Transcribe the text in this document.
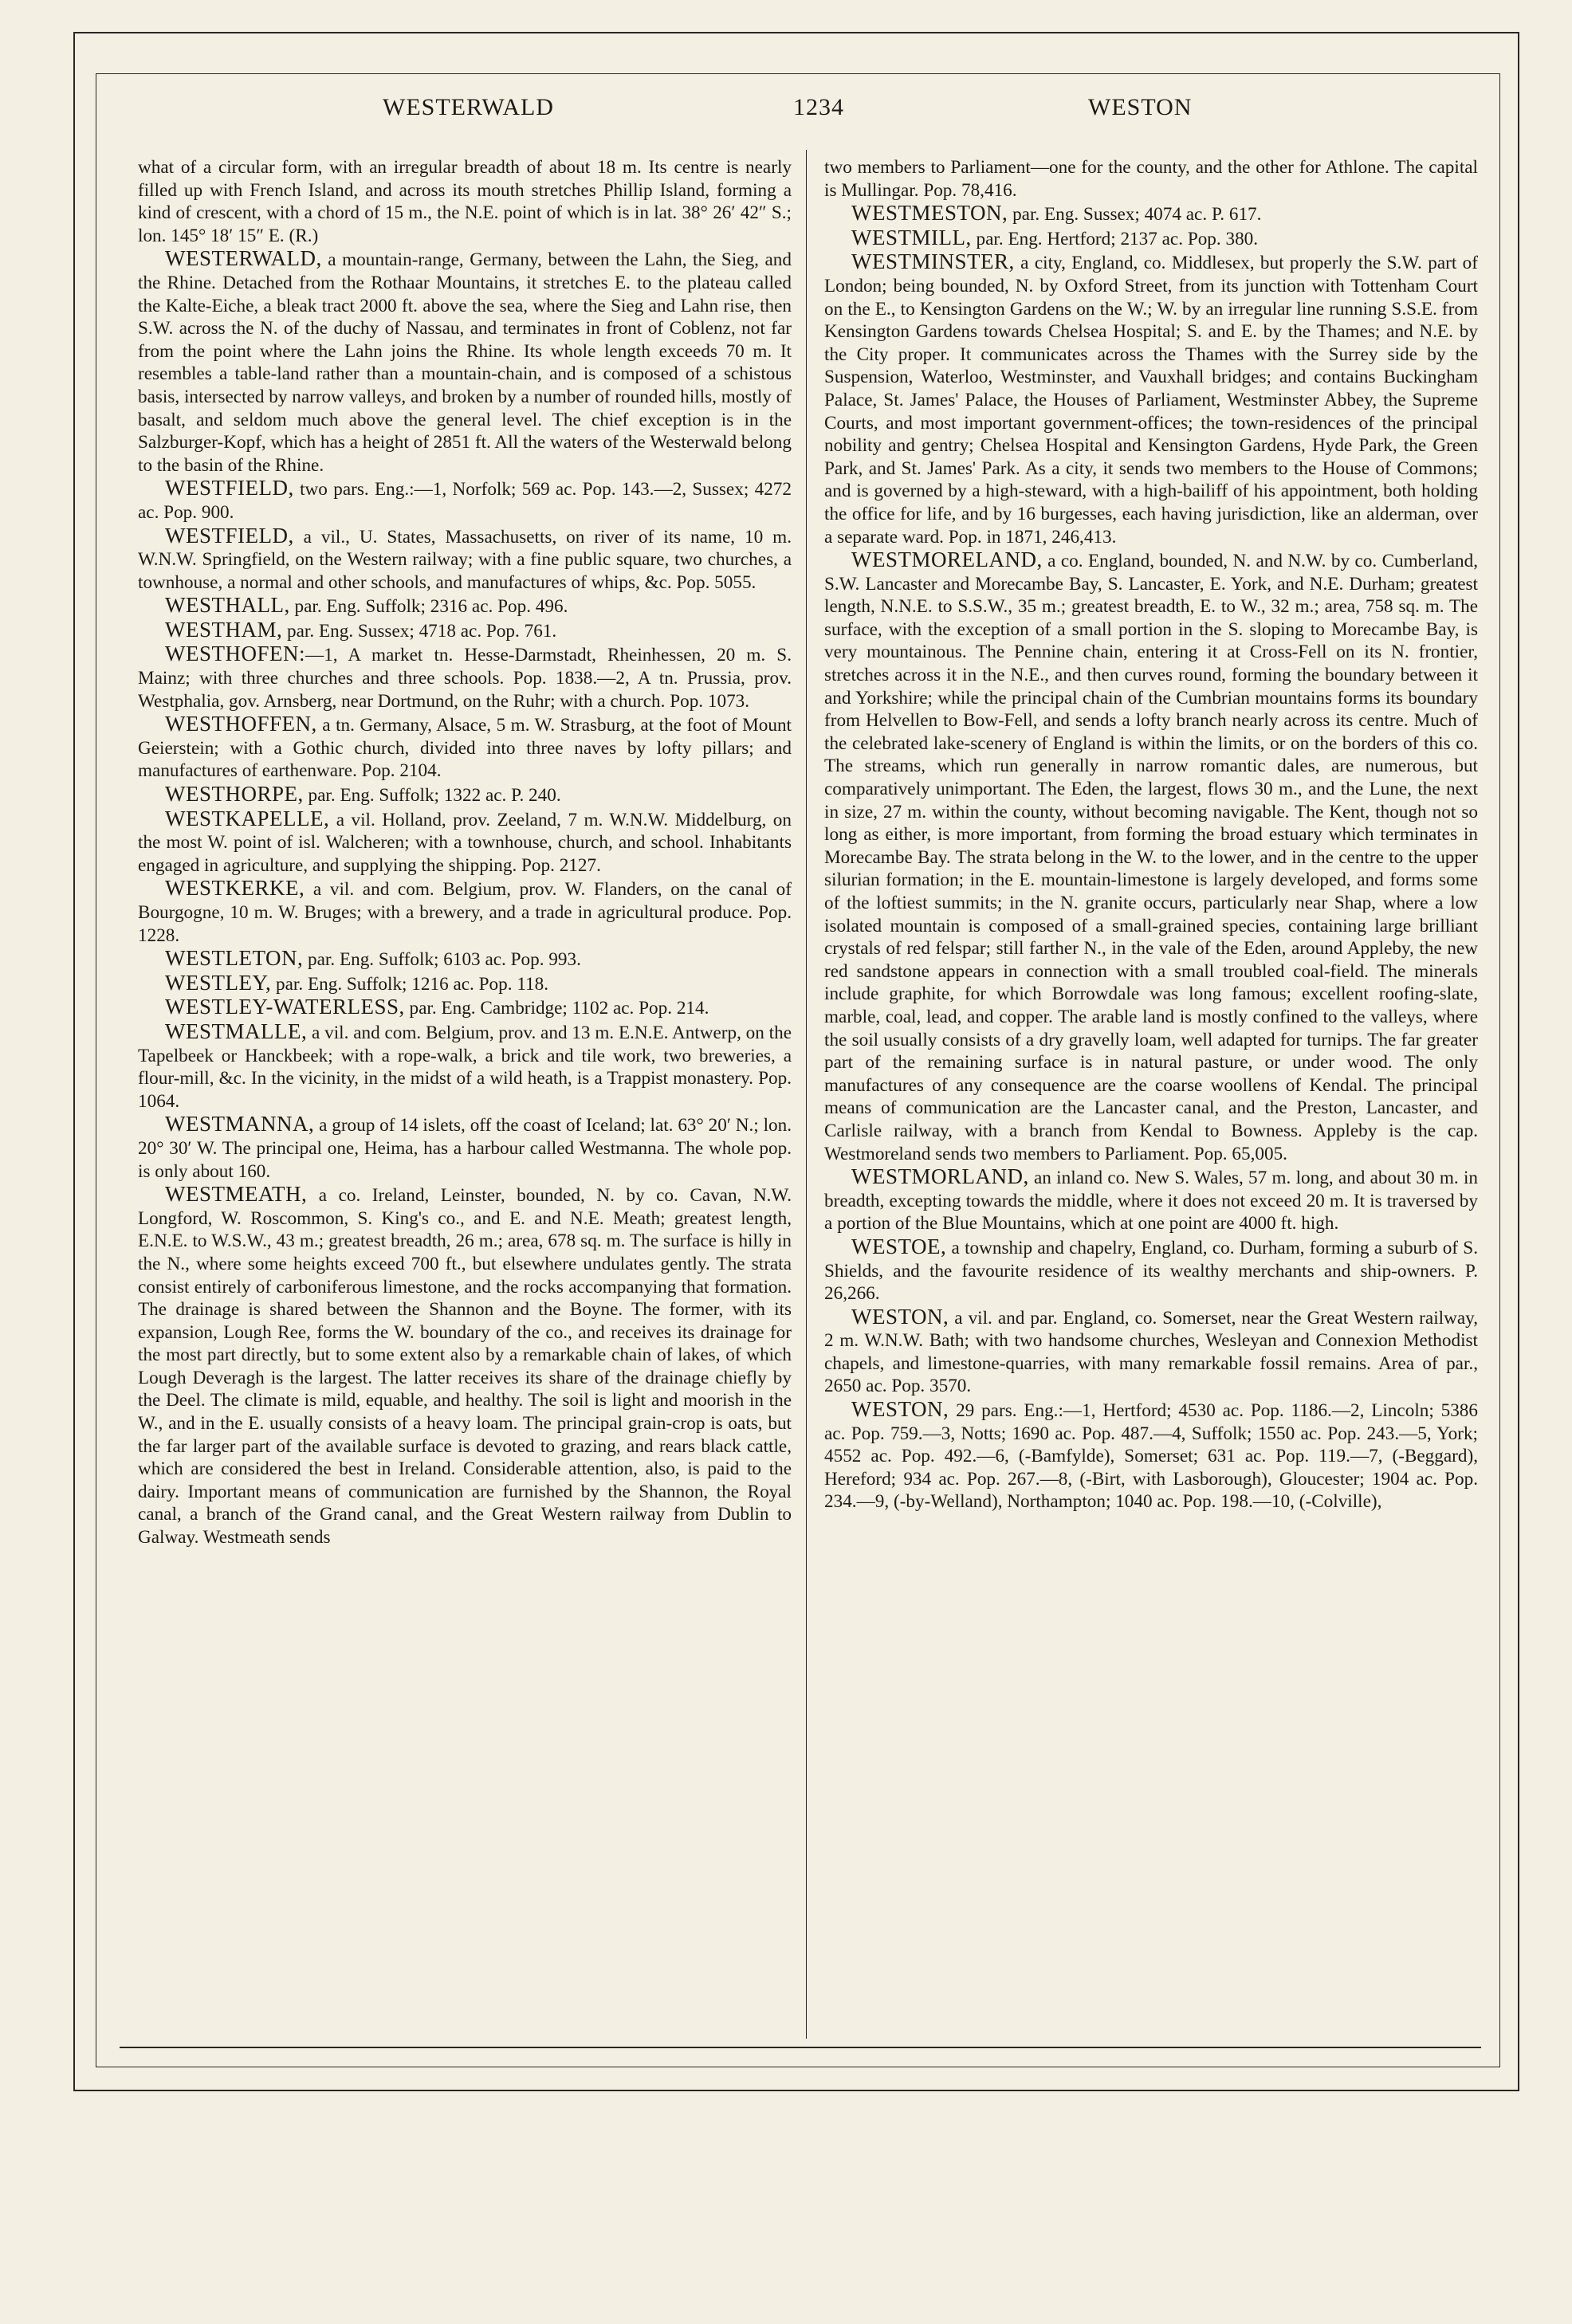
WESTERWALD	1234	WESTON

what of a circular form, with an irregular breadth of about 18 m. Its centre is nearly filled up with French Island, and across its mouth stretches Phillip Island, forming a kind of crescent, with a chord of 15 m., the N.E. point of which is in lat. 38° 26′ 42″ S.; lon. 145° 18′ 15″ E. (R.)

WESTERWALD, a mountain-range, Germany, between the Lahn, the Sieg, and the Rhine. Detached from the Rothaar Mountains, it stretches E. to the plateau called the Kalte-Eiche, a bleak tract 2000 ft. above the sea, where the Sieg and Lahn rise, then S.W. across the N. of the duchy of Nassau, and terminates in front of Coblenz, not far from the point where the Lahn joins the Rhine. Its whole length exceeds 70 m. It resembles a table-land rather than a mountain-chain, and is composed of a schistous basis, intersected by narrow valleys, and broken by a number of rounded hills, mostly of basalt, and seldom much above the general level. The chief exception is in the Salzburger-Kopf, which has a height of 2851 ft. All the waters of the Westerwald belong to the basin of the Rhine.

WESTFIELD, two pars. Eng.:—1, Norfolk; 569 ac. Pop. 143.—2, Sussex; 4272 ac. Pop. 900.

WESTFIELD, a vil., U. States, Massachusetts, on river of its name, 10 m. W.N.W. Springfield, on the Western railway; with a fine public square, two churches, a townhouse, a normal and other schools, and manufactures of whips, &c. Pop. 5055.

WESTHALL, par. Eng. Suffolk; 2316 ac. Pop. 496.

WESTHAM, par. Eng. Sussex; 4718 ac. Pop. 761.

WESTHOFEN:—1, A market tn. Hesse-Darmstadt, Rheinhessen, 20 m. S. Mainz; with three churches and three schools. Pop. 1838.—2, A tn. Prussia, prov. Westphalia, gov. Arnsberg, near Dortmund, on the Ruhr; with a church. Pop. 1073.

WESTHOFFEN, a tn. Germany, Alsace, 5 m. W. Strasburg, at the foot of Mount Geierstein; with a Gothic church, divided into three naves by lofty pillars; and manufactures of earthenware. Pop. 2104.

WESTHORPE, par. Eng. Suffolk; 1322 ac. P. 240.

WESTKAPELLE, a vil. Holland, prov. Zeeland, 7 m. W.N.W. Middelburg, on the most W. point of isl. Walcheren; with a townhouse, church, and school. Inhabitants engaged in agriculture, and supplying the shipping. Pop. 2127.

WESTKERKE, a vil. and com. Belgium, prov. W. Flanders, on the canal of Bourgogne, 10 m. W. Bruges; with a brewery, and a trade in agricultural produce. Pop. 1228.

WESTLETON, par. Eng. Suffolk; 6103 ac. Pop. 993.

WESTLEY, par. Eng. Suffolk; 1216 ac. Pop. 118.

WESTLEY-WATERLESS, par. Eng. Cambridge; 1102 ac. Pop. 214.

WESTMALLE, a vil. and com. Belgium, prov. and 13 m. E.N.E. Antwerp, on the Tapelbeek or Hanckbeek; with a rope-walk, a brick and tile work, two breweries, a flour-mill, &c. In the vicinity, in the midst of a wild heath, is a Trappist monastery. Pop. 1064.

WESTMANNA, a group of 14 islets, off the coast of Iceland; lat. 63° 20′ N.; lon. 20° 30′ W. The principal one, Heima, has a harbour called Westmanna. The whole pop. is only about 160.

WESTMEATH, a co. Ireland, Leinster, bounded, N. by co. Cavan, N.W. Longford, W. Roscommon, S. King's co., and E. and N.E. Meath; greatest length, E.N.E. to W.S.W., 43 m.; greatest breadth, 26 m.; area, 678 sq. m. The surface is hilly in the N., where some heights exceed 700 ft., but elsewhere undulates gently. The strata consist entirely of carboniferous limestone, and the rocks accompanying that formation. The drainage is shared between the Shannon and the Boyne. The former, with its expansion, Lough Ree, forms the W. boundary of the co., and receives its drainage for the most part directly, but to some extent also by a remarkable chain of lakes, of which Lough Deveragh is the largest. The latter receives its share of the drainage chiefly by the Deel. The climate is mild, equable, and healthy. The soil is light and moorish in the W., and in the E. usually consists of a heavy loam. The principal grain-crop is oats, but the far larger part of the available surface is devoted to grazing, and rears black cattle, which are considered the best in Ireland. Considerable attention, also, is paid to the dairy. Important means of communication are furnished by the Shannon, the Royal canal, a branch of the Grand canal, and the Great Western railway from Dublin to Galway. Westmeath sends

two members to Parliament—one for the county, and the other for Athlone. The capital is Mullingar. Pop. 78,416.

WESTMESTON, par. Eng. Sussex; 4074 ac. P. 617.

WESTMILL, par. Eng. Hertford; 2137 ac. Pop. 380.

WESTMINSTER, a city, England, co. Middlesex, but properly the S.W. part of London; being bounded, N. by Oxford Street, from its junction with Tottenham Court on the E., to Kensington Gardens on the W.; W. by an irregular line running S.S.E. from Kensington Gardens towards Chelsea Hospital; S. and E. by the Thames; and N.E. by the City proper. It communicates across the Thames with the Surrey side by the Suspension, Waterloo, Westminster, and Vauxhall bridges; and contains Buckingham Palace, St. James' Palace, the Houses of Parliament, Westminster Abbey, the Supreme Courts, and most important government-offices; the town-residences of the principal nobility and gentry; Chelsea Hospital and Kensington Gardens, Hyde Park, the Green Park, and St. James' Park. As a city, it sends two members to the House of Commons; and is governed by a high-steward, with a high-bailiff of his appointment, both holding the office for life, and by 16 burgesses, each having jurisdiction, like an alderman, over a separate ward. Pop. in 1871, 246,413.

WESTMORELAND, a co. England, bounded, N. and N.W. by co. Cumberland, S.W. Lancaster and Morecambe Bay, S. Lancaster, E. York, and N.E. Durham; greatest length, N.N.E. to S.S.W., 35 m.; greatest breadth, E. to W., 32 m.; area, 758 sq. m. The surface, with the exception of a small portion in the S. sloping to Morecambe Bay, is very mountainous. The Pennine chain, entering it at Cross-Fell on its N. frontier, stretches across it in the N.E., and then curves round, forming the boundary between it and Yorkshire; while the principal chain of the Cumbrian mountains forms its boundary from Helvellen to Bow-Fell, and sends a lofty branch nearly across its centre. Much of the celebrated lake-scenery of England is within the limits, or on the borders of this co. The streams, which run generally in narrow romantic dales, are numerous, but comparatively unimportant. The Eden, the largest, flows 30 m., and the Lune, the next in size, 27 m. within the county, without becoming navigable. The Kent, though not so long as either, is more important, from forming the broad estuary which terminates in Morecambe Bay. The strata belong in the W. to the lower, and in the centre to the upper silurian formation; in the E. mountain-limestone is largely developed, and forms some of the loftiest summits; in the N. granite occurs, particularly near Shap, where a low isolated mountain is composed of a small-grained species, containing large brilliant crystals of red felspar; still farther N., in the vale of the Eden, around Appleby, the new red sandstone appears in connection with a small troubled coal-field. The minerals include graphite, for which Borrowdale was long famous; excellent roofing-slate, marble, coal, lead, and copper. The arable land is mostly confined to the valleys, where the soil usually consists of a dry gravelly loam, well adapted for turnips. The far greater part of the remaining surface is in natural pasture, or under wood. The only manufactures of any consequence are the coarse woollens of Kendal. The principal means of communication are the Lancaster canal, and the Preston, Lancaster, and Carlisle railway, with a branch from Kendal to Bowness. Appleby is the cap. Westmoreland sends two members to Parliament. Pop. 65,005.

WESTMORLAND, an inland co. New S. Wales, 57 m. long, and about 30 m. in breadth, excepting towards the middle, where it does not exceed 20 m. It is traversed by a portion of the Blue Mountains, which at one point are 4000 ft. high.

WESTOE, a township and chapelry, England, co. Durham, forming a suburb of S. Shields, and the favourite residence of its wealthy merchants and ship-owners. P. 26,266.

WESTON, a vil. and par. England, co. Somerset, near the Great Western railway, 2 m. W.N.W. Bath; with two handsome churches, Wesleyan and Connexion Methodist chapels, and limestone-quarries, with many remarkable fossil remains. Area of par., 2650 ac. Pop. 3570.

WESTON, 29 pars. Eng.:—1, Hertford; 4530 ac. Pop. 1186.—2, Lincoln; 5386 ac. Pop. 759.—3, Notts; 1690 ac. Pop. 487.—4, Suffolk; 1550 ac. Pop. 243.—5, York; 4552 ac. Pop. 492.—6, (-Bamfylde), Somerset; 631 ac. Pop. 119.—7, (-Beggard), Hereford; 934 ac. Pop. 267.—8, (-Birt, with Lasborough), Gloucester; 1904 ac. Pop. 234.—9, (-by-Welland), Northampton; 1040 ac. Pop. 198.—10, (-Colville),
